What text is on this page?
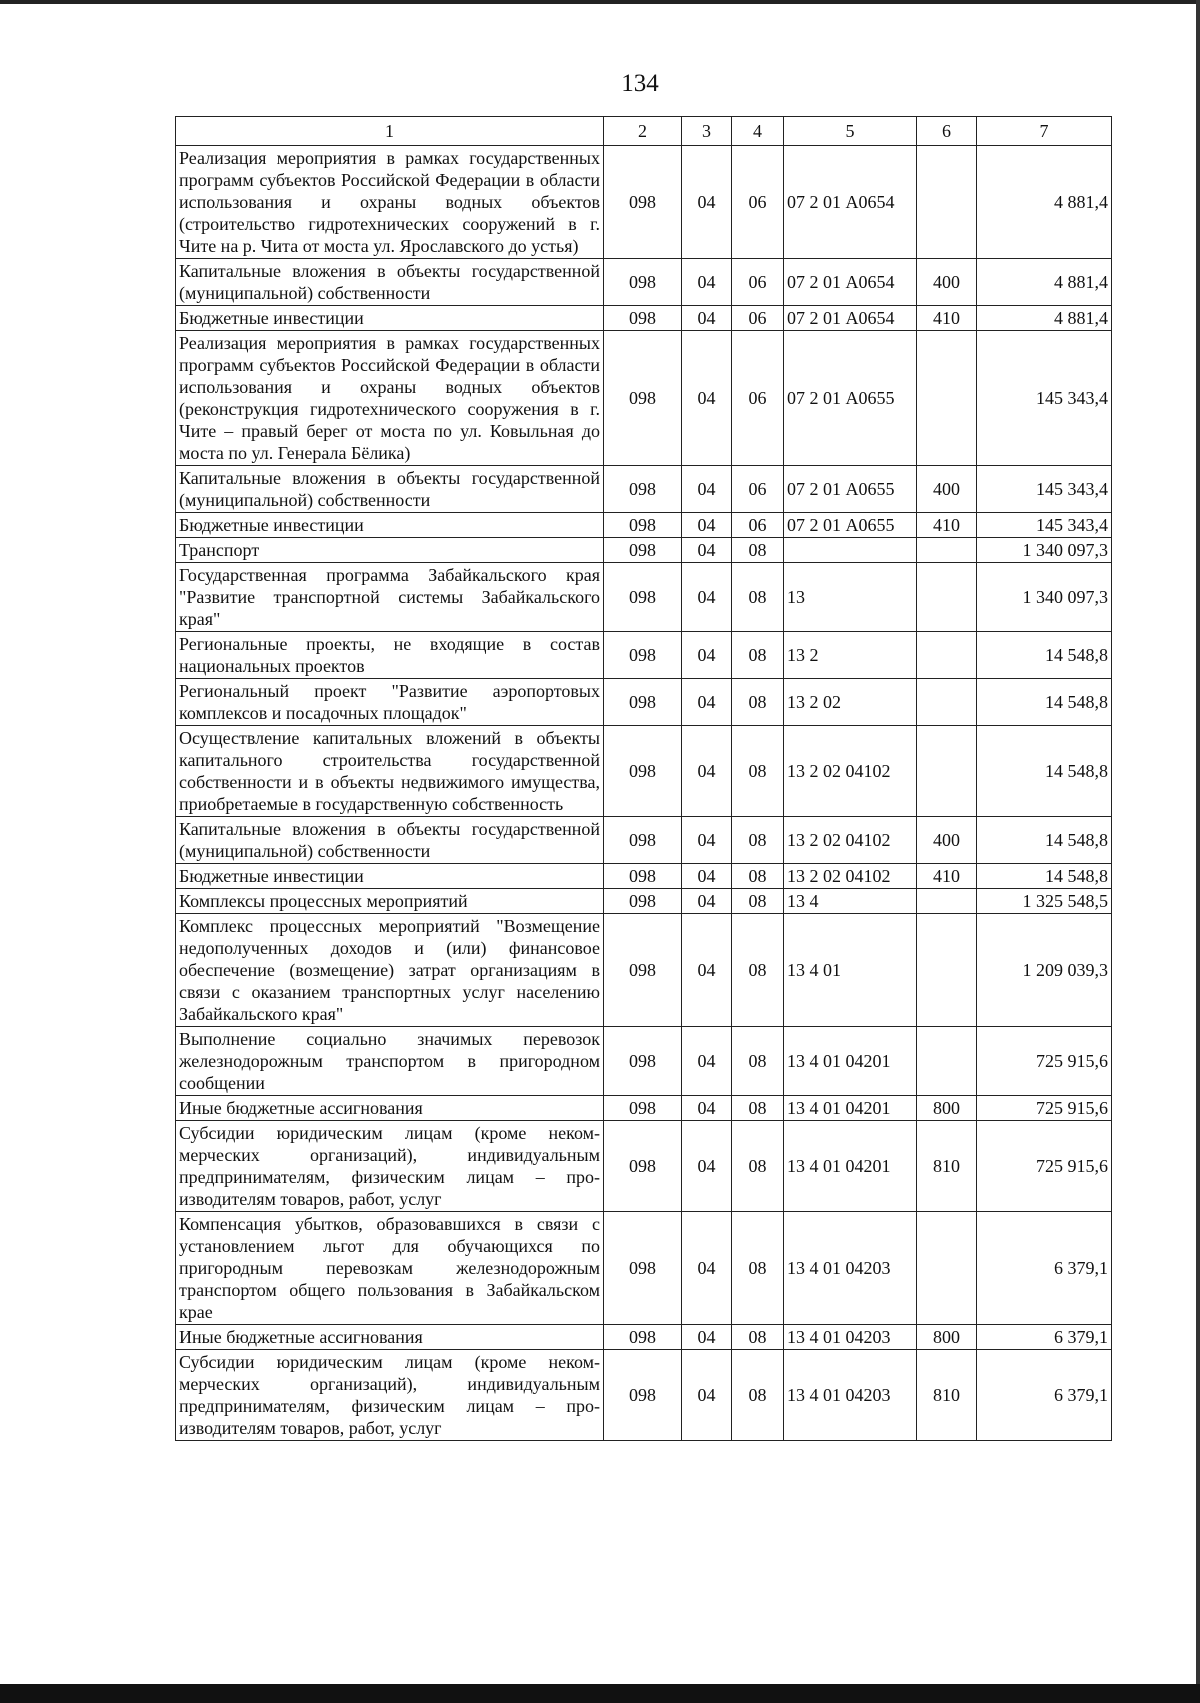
134
1	2	3	4	5	6	7
Реализация мероприятия в рамках государственных программ субъектов Российской Федерации в области использования и охраны водных объектов (строительство гидротехнических сооружений в г. Чите на р. Чита от моста ул. Ярославского до устья)	098	04	06	07 2 01 А0654		4 881,4
Капитальные вложения в объекты государственной (муниципальной) собственности	098	04	06	07 2 01 А0654	400	4 881,4
Бюджетные инвестиции	098	04	06	07 2 01 А0654	410	4 881,4
Реализация мероприятия в рамках государственных программ субъектов Российской Федерации в области использования и охраны водных объектов (реконструкция гидротехнического сооружения в г. Чите – правый берег от моста по ул. Ковыльная до моста по ул. Генерала Бёлика)	098	04	06	07 2 01 А0655		145 343,4
Капитальные вложения в объекты государственной (муниципальной) собственности	098	04	06	07 2 01 А0655	400	145 343,4
Бюджетные инвестиции	098	04	06	07 2 01 А0655	410	145 343,4
Транспорт	098	04	08			1 340 097,3
Государственная программа Забайкальского края "Развитие транспортной системы Забайкальского края"	098	04	08	13		1 340 097,3
Региональные проекты, не входящие в состав национальных проектов	098	04	08	13 2		14 548,8
Региональный проект "Развитие аэропортовых комплексов и посадочных площадок"	098	04	08	13 2 02		14 548,8
Осуществление капитальных вложений в объекты капитального строительства государственной собственности и в объекты недвижимого имущества, приобретаемые в государственную собственность	098	04	08	13 2 02 04102		14 548,8
Капитальные вложения в объекты государственной (муниципальной) собственности	098	04	08	13 2 02 04102	400	14 548,8
Бюджетные инвестиции	098	04	08	13 2 02 04102	410	14 548,8
Комплексы процессных мероприятий	098	04	08	13 4		1 325 548,5
Комплекс процессных мероприятий "Возмещение недополученных доходов и (или) финансовое обеспечение (возмещение) затрат организациям в связи с оказанием транспортных услуг населению Забайкальского края"	098	04	08	13 4 01		1 209 039,3
Выполнение социально значимых перевозок железнодорожным транспортом в пригородном сообщении	098	04	08	13 4 01 04201		725 915,6
Иные бюджетные ассигнования	098	04	08	13 4 01 04201	800	725 915,6
Субсидии юридическим лицам (кроме некоммерческих организаций), индивидуальным предпринимателям, физическим лицам – производителям товаров, работ, услуг	098	04	08	13 4 01 04201	810	725 915,6
Компенсация убытков, образовавшихся в связи с установлением льгот для обучающихся по пригородным перевозкам железнодорожным транспортом общего пользования в Забайкальском крае	098	04	08	13 4 01 04203		6 379,1
Иные бюджетные ассигнования	098	04	08	13 4 01 04203	800	6 379,1
Субсидии юридическим лицам (кроме некоммерческих организаций), индивидуальным предпринимателям, физическим лицам – производителям товаров, работ, услуг	098	04	08	13 4 01 04203	810	6 379,1
